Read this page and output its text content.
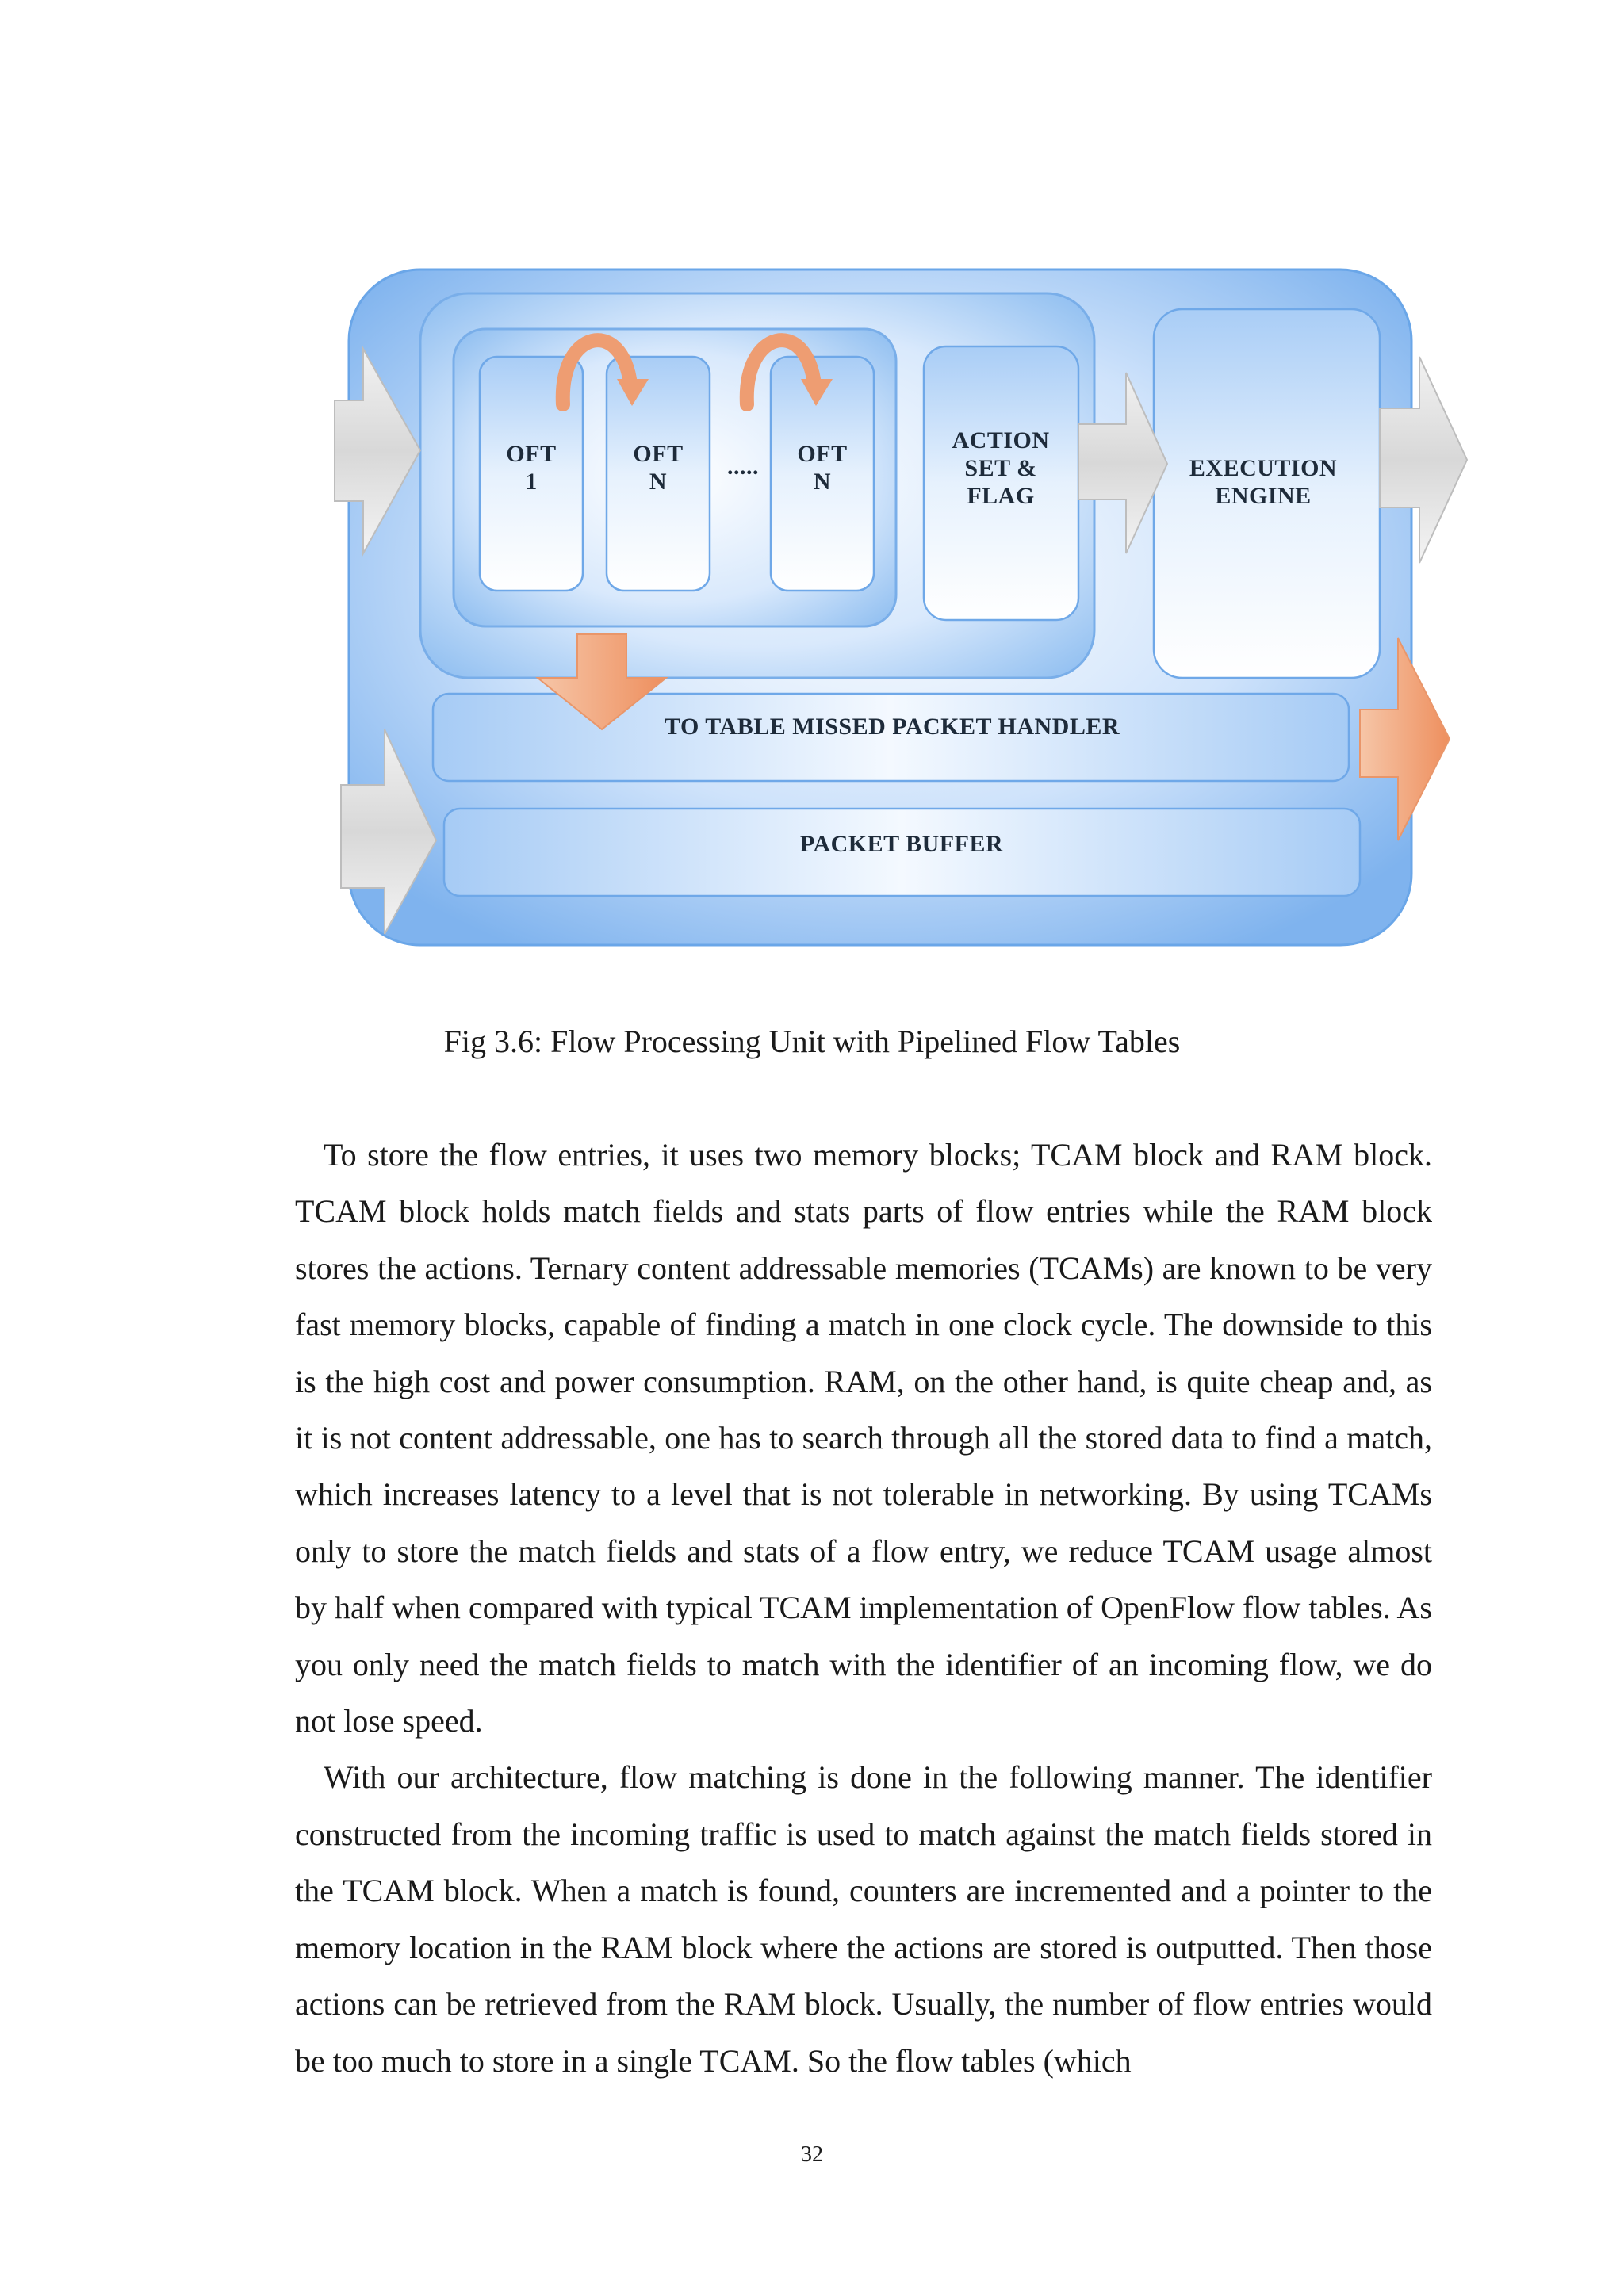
OFT
1
OFT
N
..... OFT
N
ACTION
SET &
FLAG
EXECUTION
ENGINE
TO TABLE MISSED PACKET HANDLER
PACKET BUFFER
Fig 3.6: Flow Processing Unit with Pipelined Flow Tables

To store the flow entries, it uses two memory blocks; TCAM block and RAM block. TCAM block holds match fields and stats parts of flow entries while the RAM block stores the actions. Ternary content addressable memories (TCAMs) are known to be very fast memory blocks, capable of finding a match in one clock cycle. The downside to this is the high cost and power consumption. RAM, on the other hand, is quite cheap and, as it is not content addressable, one has to search through all the stored data to find a match, which increases latency to a level that is not tolerable in networking. By using TCAMs only to store the match fields and stats of a flow entry, we reduce TCAM usage almost by half when compared with typical TCAM implementation of OpenFlow flow tables. As you only need the match fields to match with the identifier of an incoming flow, we do not lose speed.

With our architecture, flow matching is done in the following manner. The identifier constructed from the incoming traffic is used to match against the match fields stored in the TCAM block. When a match is found, counters are incremented and a pointer to the memory location in the RAM block where the actions are stored is outputted. Then those actions can be retrieved from the RAM block. Usually, the number of flow entries would be too much to store in a single TCAM. So the flow tables (which

32
